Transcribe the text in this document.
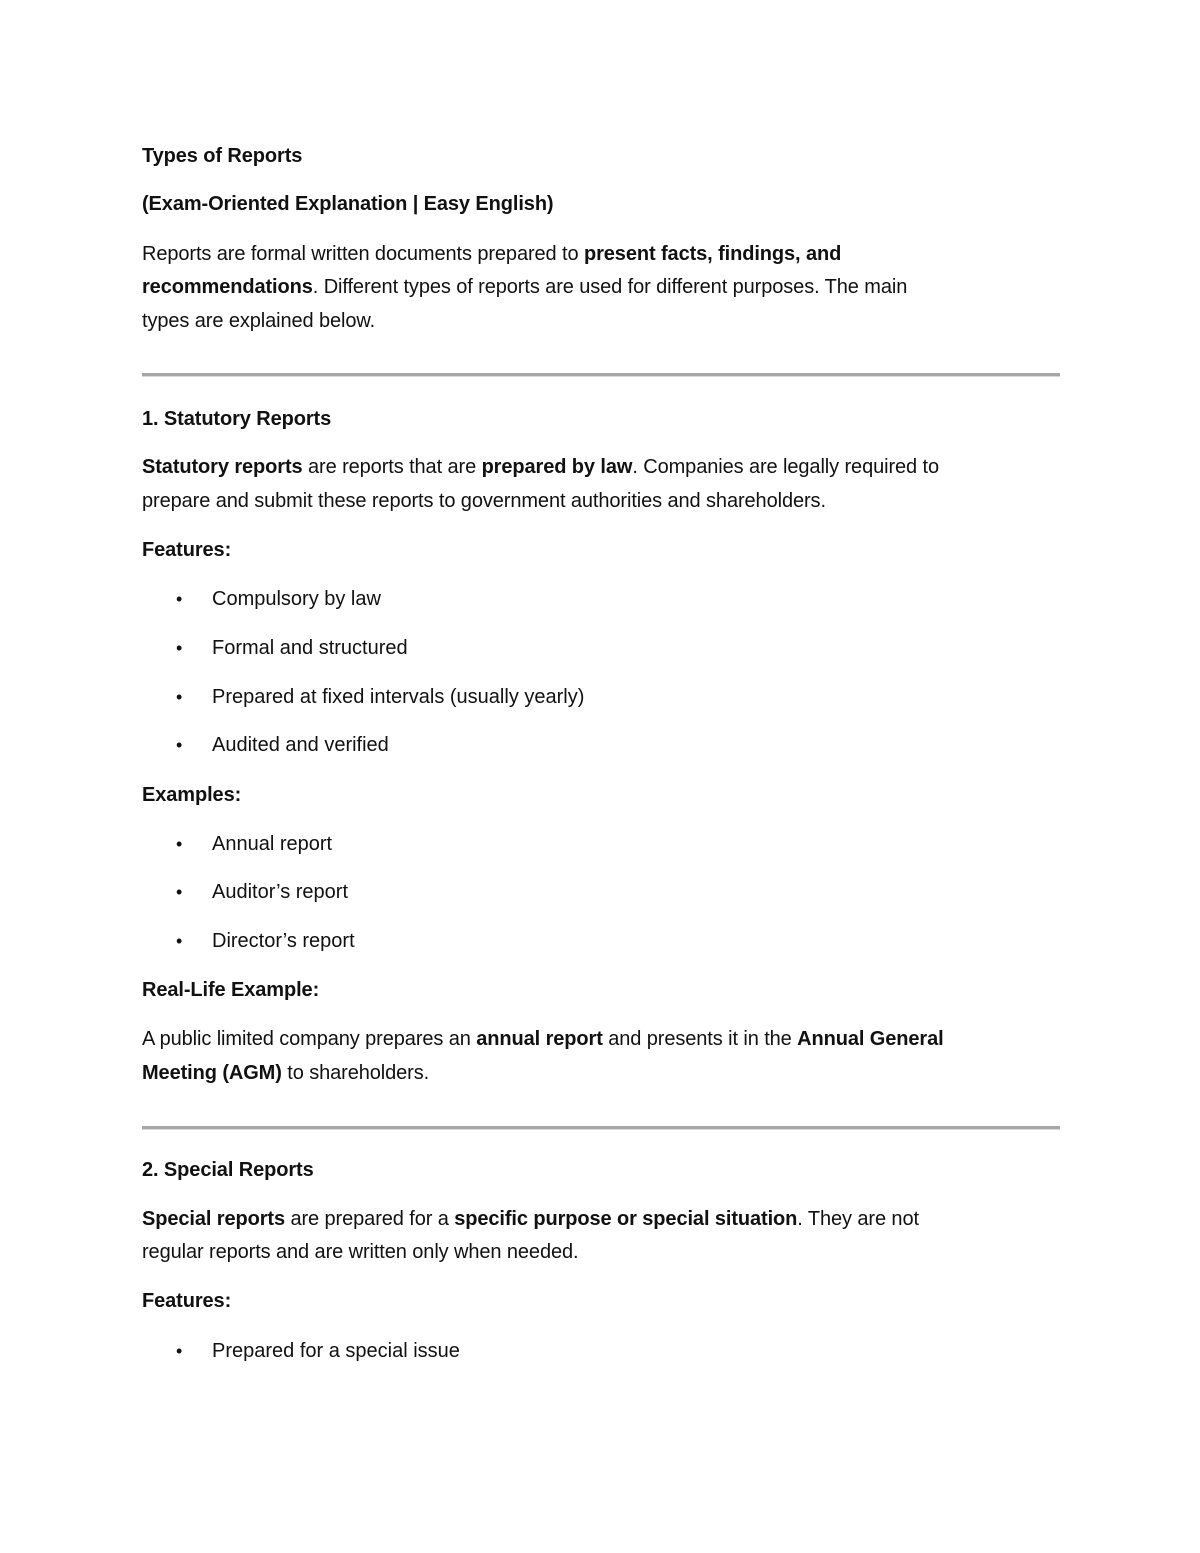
Types of Reports
(Exam-Oriented Explanation | Easy English)
Reports are formal written documents prepared to present facts, findings, and
recommendations. Different types of reports are used for different purposes. The main
types are explained below.
1. Statutory Reports
Statutory reports are reports that are prepared by law. Companies are legally required to
prepare and submit these reports to government authorities and shareholders.
Features:
• Compulsory by law
• Formal and structured
• Prepared at fixed intervals (usually yearly)
• Audited and verified
Examples:
• Annual report
• Auditor’s report
• Director’s report
Real-Life Example:
A public limited company prepares an annual report and presents it in the Annual General
Meeting (AGM) to shareholders.
2. Special Reports
Special reports are prepared for a specific purpose or special situation. They are not
regular reports and are written only when needed.
Features:
• Prepared for a special issue
